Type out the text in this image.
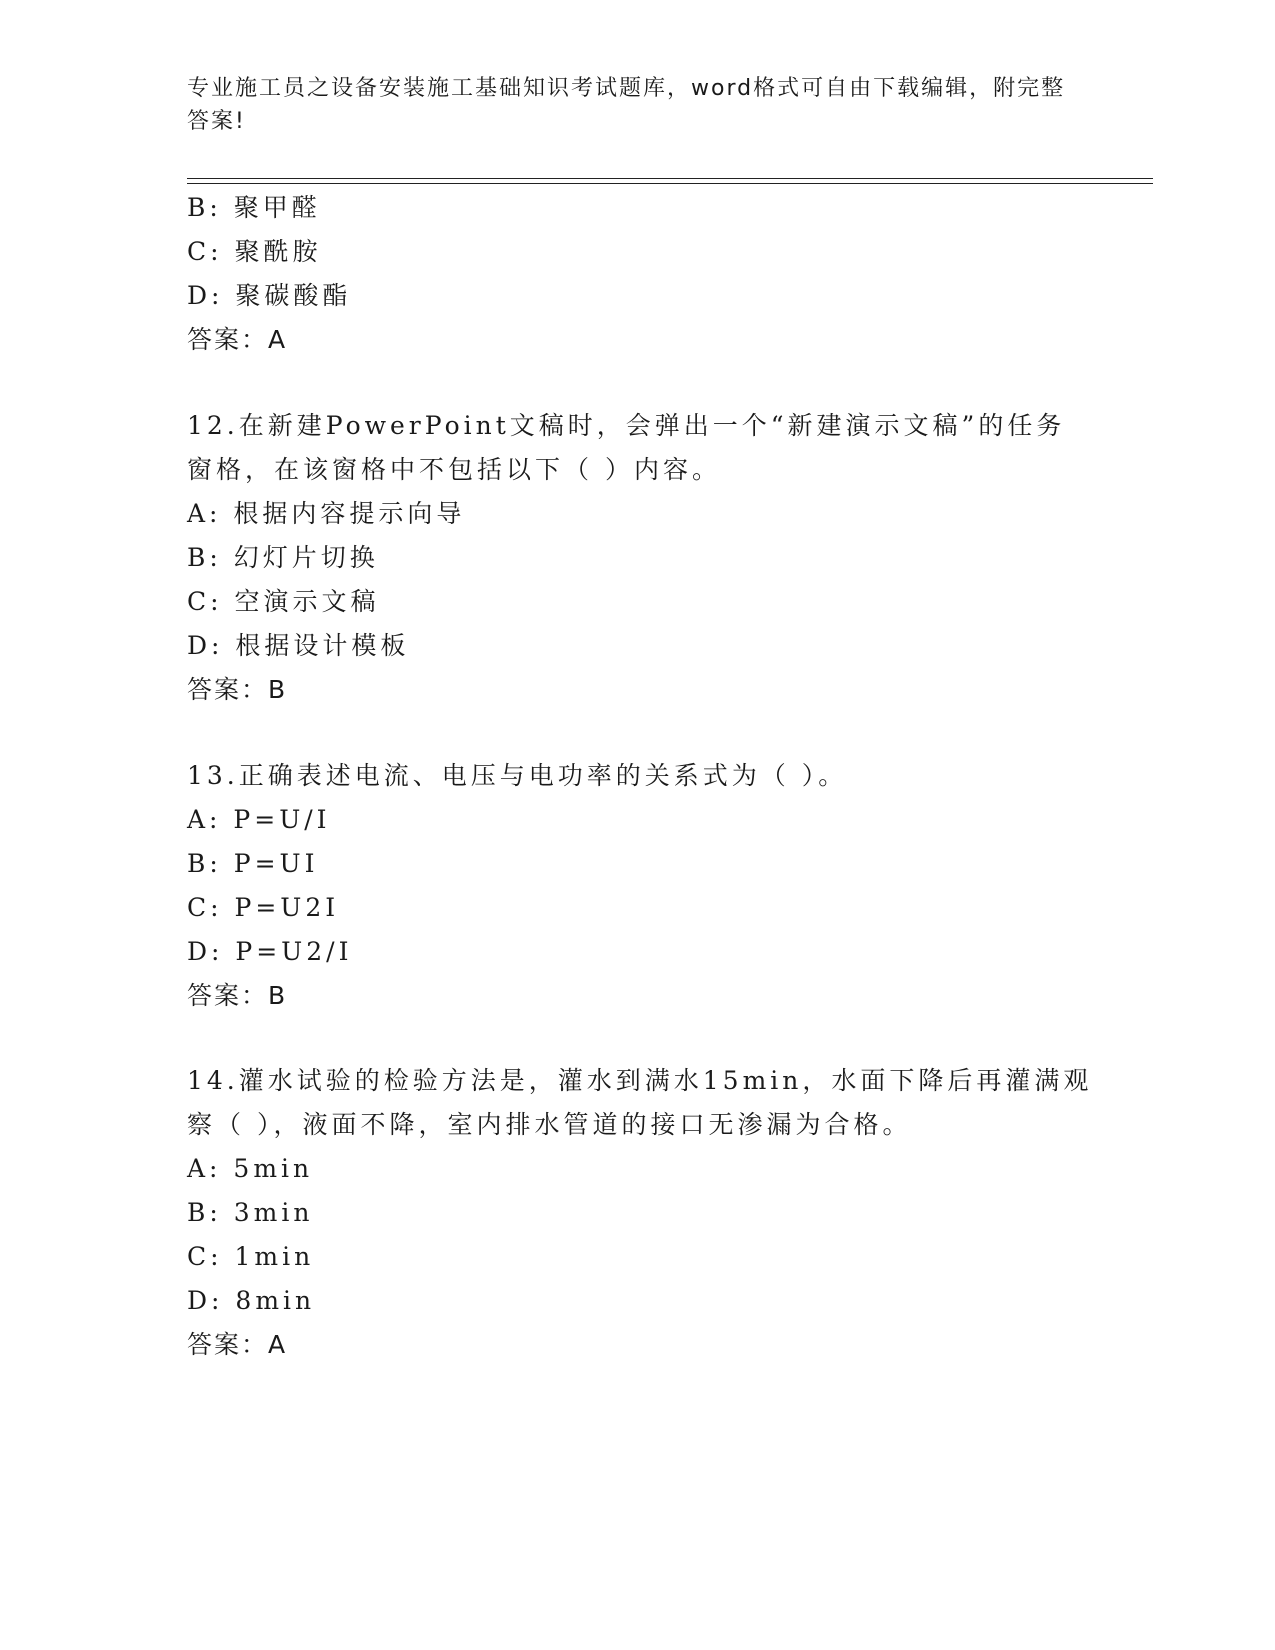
专业施工员之设备安装施工基础知识考试题库，word格式可自由下载编辑，附完整答案!
B: 聚甲醛
C: 聚酰胺
D: 聚碳酸酯
答案：A
12.在新建PowerPoint文稿时，会弹出一个“新建演示文稿”的任务
窗格，在该窗格中不包括以下（ ）内容。
A: 根据内容提示向导
B: 幻灯片切换
C: 空演示文稿
D: 根据设计模板
答案：B
13.正确表述电流、电压与电功率的关系式为（ ）。
A: P=U/I
B: P=UI
C: P=U2I
D: P=U2/I
答案：B
14.灌水试验的检验方法是，灌水到满水15min，水面下降后再灌满观
察（ ），液面不降，室内排水管道的接口无渗漏为合格。
A: 5min
B: 3min
C: 1min
D: 8min
答案：A
